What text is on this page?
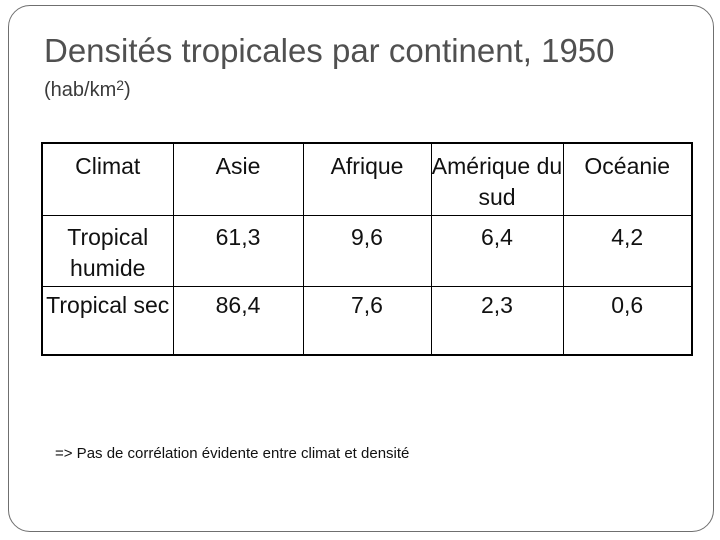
Densités tropicales par continent, 1950
$(hab/km^2)$
Climat	Asie	Afrique	Amérique du sud	Océanie
Tropical humide	61,3	9,6	6,4	4,2
Tropical sec	86,4	7,6	2,3	0,6
=> Pas de corrélation évidente entre climat et densité
